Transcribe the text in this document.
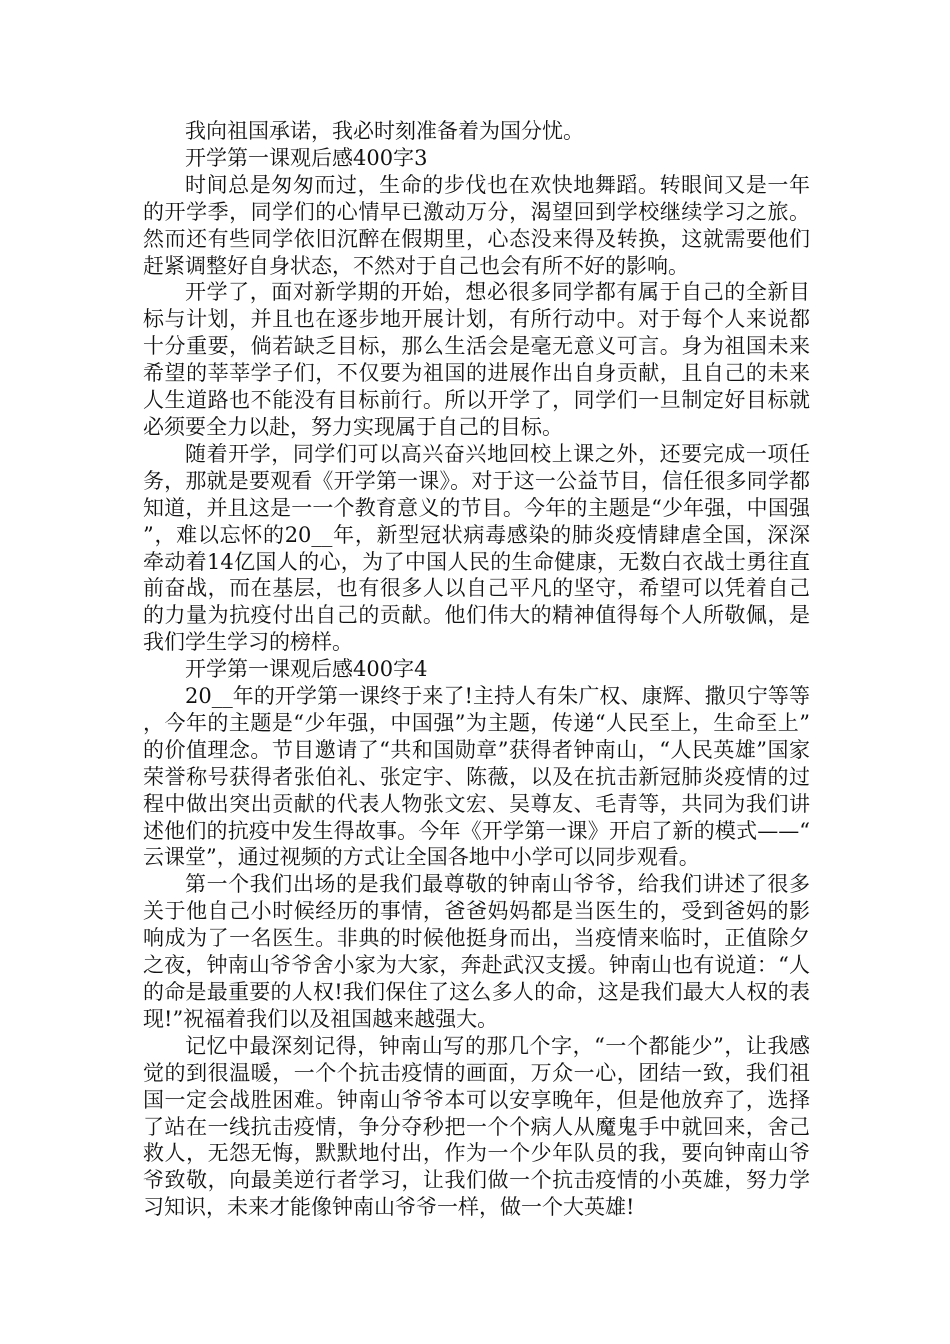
我向祖国承诺，我必时刻准备着为国分忧。

开学第一课观后感400字3

时间总是匆匆而过，生命的步伐也在欢快地舞蹈。转眼间又是一年的开学季，同学们的心情早已激动万分，渴望回到学校继续学习之旅。然而还有些同学依旧沉醉在假期里，心态没来得及转换，这就需要他们赶紧调整好自身状态，不然对于自己也会有所不好的影响。

开学了，面对新学期的开始，想必很多同学都有属于自己的全新目标与计划，并且也在逐步地开展计划，有所行动中。对于每个人来说都十分重要，倘若缺乏目标，那么生活会是毫无意义可言。身为祖国未来希望的莘莘学子们，不仅要为祖国的进展作出自身贡献，且自己的未来人生道路也不能没有目标前行。所以开学了，同学们一旦制定好目标就必须要全力以赴，努力实现属于自己的目标。

随着开学，同学们可以高兴奋兴地回校上课之外，还要完成一项任务，那就是要观看《开学第一课》。对于这一公益节目，信任很多同学都知道，并且这是一一个教育意义的节目。今年的主题是“少年强，中国强”，难以忘怀的20__年，新型冠状病毒感染的肺炎疫情肆虐全国，深深牵动着14亿国人的心，为了中国人民的生命健康，无数白衣战士勇往直前奋战，而在基层，也有很多人以自己平凡的坚守，希望可以凭着自己的力量为抗疫付出自己的贡献。他们伟大的精神值得每个人所敬佩，是我们学生学习的榜样。

开学第一课观后感400字4

20__年的开学第一课终于来了!主持人有朱广权、康辉、撒贝宁等等，今年的主题是“少年强，中国强”为主题，传递“人民至上，生命至上”的价值理念。节目邀请了“共和国勋章”获得者钟南山，“人民英雄”国家荣誉称号获得者张伯礼、张定宇、陈薇，以及在抗击新冠肺炎疫情的过程中做出突出贡献的代表人物张文宏、吴尊友、毛青等，共同为我们讲述他们的抗疫中发生得故事。今年《开学第一课》开启了新的模式——“云课堂”，通过视频的方式让全国各地中小学可以同步观看。

第一个我们出场的是我们最尊敬的钟南山爷爷，给我们讲述了很多关于他自己小时候经历的事情，爸爸妈妈都是当医生的，受到爸妈的影响成为了一名医生。非典的时候他挺身而出，当疫情来临时，正值除夕之夜，钟南山爷爷舍小家为大家，奔赴武汉支援。钟南山也有说道：“人的命是最重要的人权!我们保住了这么多人的命，这是我们最大人权的表现!”祝福着我们以及祖国越来越强大。

记忆中最深刻记得，钟南山写的那几个字，“一个都能少”，让我感觉的到很温暖，一个个抗击疫情的画面，万众一心，团结一致，我们祖国一定会战胜困难。钟南山爷爷本可以安享晚年，但是他放弃了，选择了站在一线抗击疫情，争分夺秒把一个个病人从魔鬼手中就回来，舍己救人，无怨无悔，默默地付出，作为一个少年队员的我，要向钟南山爷爷致敬，向最美逆行者学习，让我们做一个抗击疫情的小英雄，努力学习知识，未来才能像钟南山爷爷一样，做一个大英雄!
